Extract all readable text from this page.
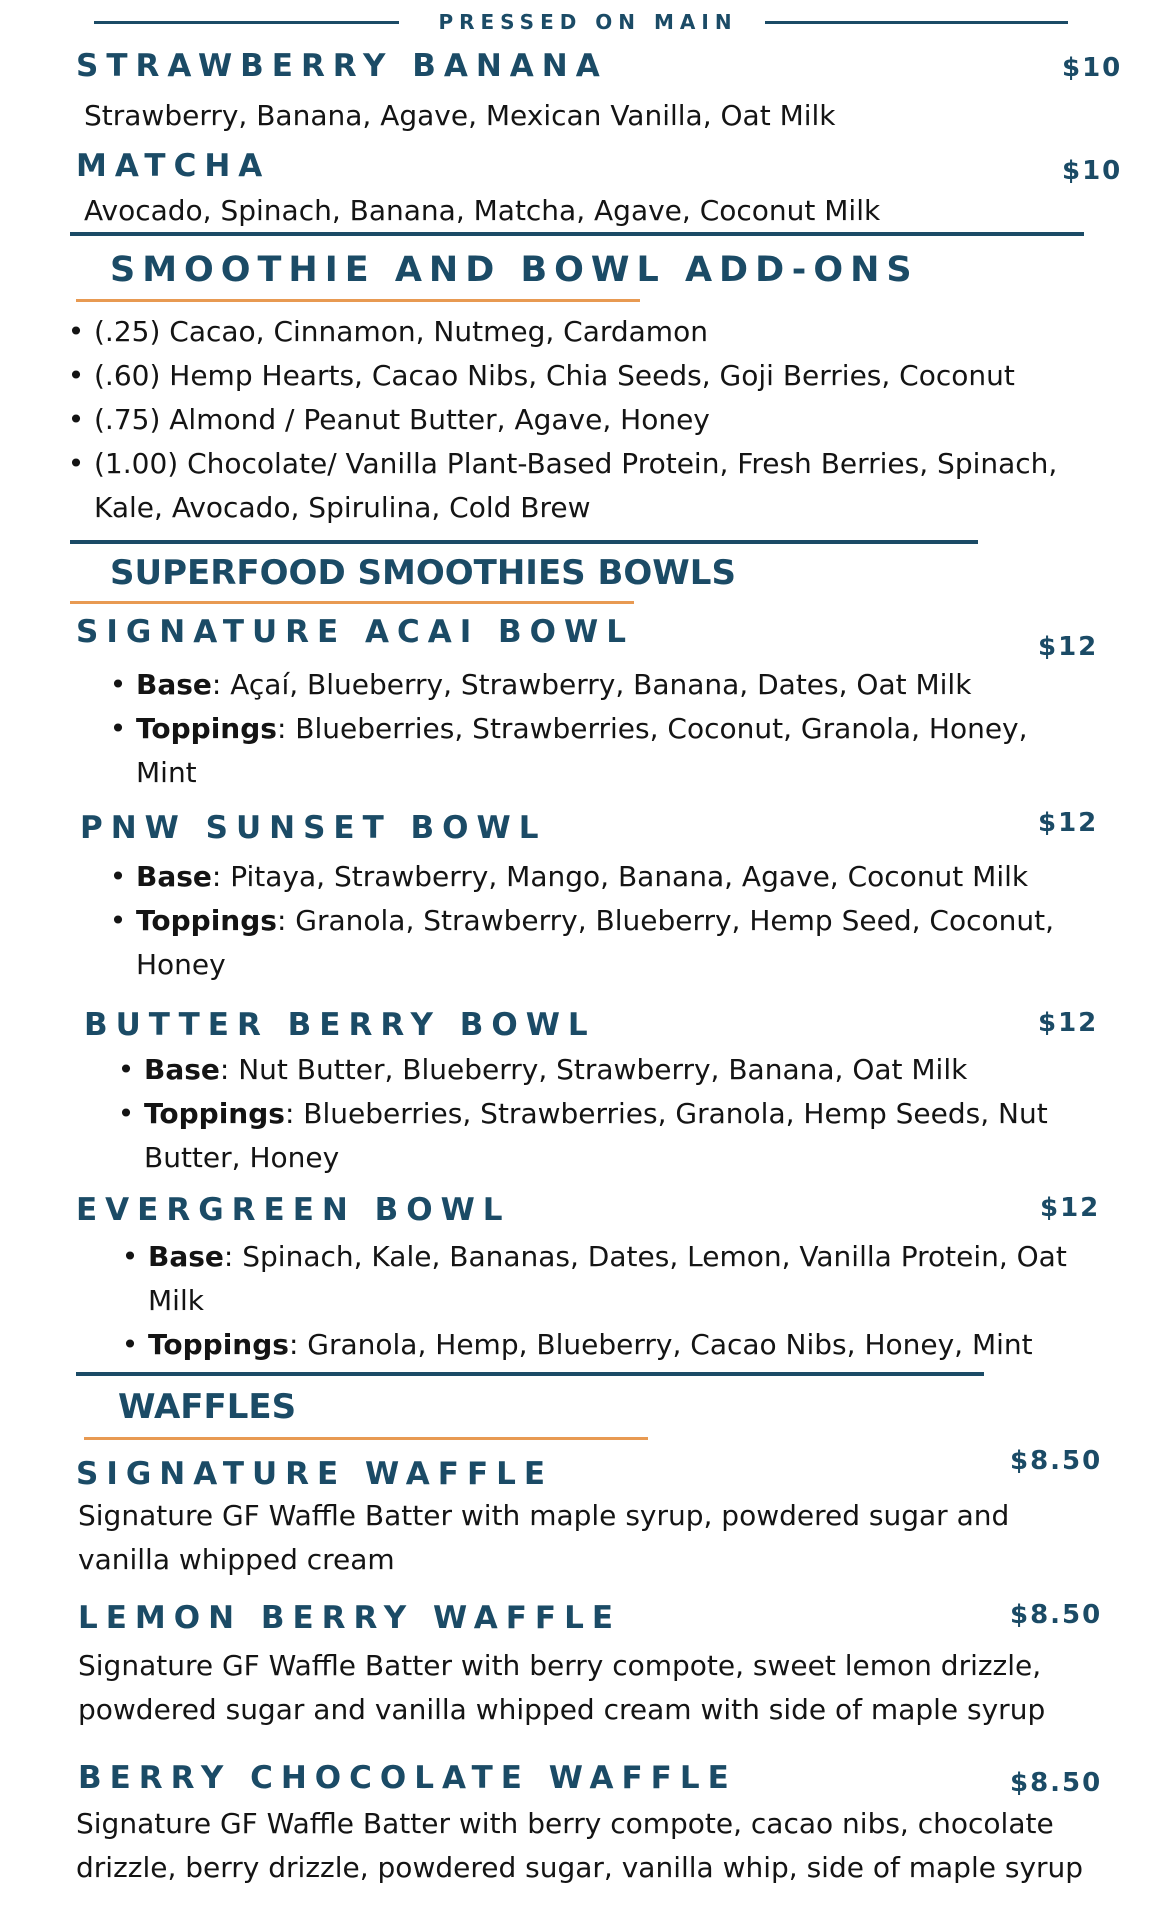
PRESSED ON MAIN
STRAWBERRY BANANA	$10
Strawberry, Banana, Agave, Mexican Vanilla, Oat Milk
MATCHA	$10
Avocado, Spinach, Banana, Matcha, Agave, Coconut Milk
SMOOTHIE AND BOWL ADD-ONS
• (.25) Cacao, Cinnamon, Nutmeg, Cardamon
• (.60) Hemp Hearts, Cacao Nibs, Chia Seeds, Goji Berries, Coconut
• (.75) Almond / Peanut Butter, Agave, Honey
• (1.00) Chocolate/ Vanilla Plant-Based Protein, Fresh Berries, Spinach, Kale, Avocado, Spirulina, Cold Brew
SUPERFOOD SMOOTHIES BOWLS
SIGNATURE ACAI BOWL	$12
• Base: Açaí, Blueberry, Strawberry, Banana, Dates, Oat Milk
• Toppings: Blueberries, Strawberries, Coconut, Granola, Honey, Mint
PNW SUNSET BOWL	$12
• Base: Pitaya, Strawberry, Mango, Banana, Agave, Coconut Milk
• Toppings: Granola, Strawberry, Blueberry, Hemp Seed, Coconut, Honey
BUTTER BERRY BOWL	$12
• Base: Nut Butter, Blueberry, Strawberry, Banana, Oat Milk
• Toppings: Blueberries, Strawberries, Granola, Hemp Seeds, Nut Butter, Honey
EVERGREEN BOWL	$12
• Base: Spinach, Kale, Bananas, Dates, Lemon, Vanilla Protein, Oat Milk
• Toppings: Granola, Hemp, Blueberry, Cacao Nibs, Honey, Mint
WAFFLES
SIGNATURE WAFFLE	$8.50
Signature GF Waffle Batter with maple syrup, powdered sugar and vanilla whipped cream
LEMON BERRY WAFFLE	$8.50
Signature GF Waffle Batter with berry compote, sweet lemon drizzle, powdered sugar and vanilla whipped cream with side of maple syrup
BERRY CHOCOLATE WAFFLE	$8.50
Signature GF Waffle Batter with berry compote, cacao nibs, chocolate drizzle, berry drizzle, powdered sugar, vanilla whip, side of maple syrup
